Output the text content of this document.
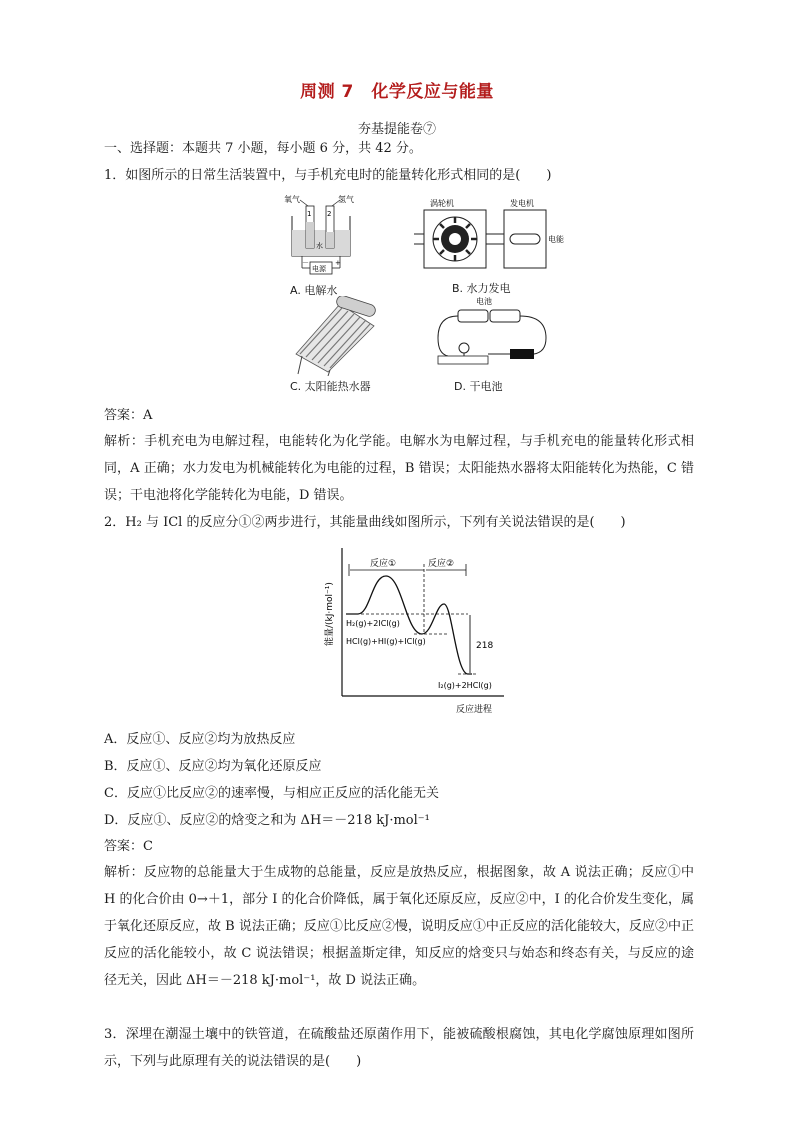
周测 7　化学反应与能量
夯基提能卷⑦
一、选择题：本题共 7 小题，每小题 6 分，共 42 分。
1．如图所示的日常生活装置中，与手机充电时的能量转化形式相同的是(　　)
氧气	氢气
1 2
水
电源
－	+
A. 电解水
涡轮机	发电机
电能
B. 水力发电
C. 太阳能热水器
电池
D. 干电池
答案：A
解析：手机充电为电解过程，电能转化为化学能。电解水为电解过程，与手机充电的能量转化形式相同，A 正确；水力发电为机械能转化为电能的过程，B 错误；太阳能热水器将太阳能转化为热能，C 错误；干电池将化学能转化为电能，D 错误。
2．H₂ 与 ICl 的反应分①②两步进行，其能量曲线如图所示，下列有关说法错误的是(　　)
能量/(kJ·mol⁻¹)
反应①	反应②
218
H₂(g)+2ICl(g)
HCl(g)+HI(g)+ICl(g)
I₂(g)+2HCl(g)
反应进程
A．反应①、反应②均为放热反应
B．反应①、反应②均为氧化还原反应
C．反应①比反应②的速率慢，与相应正反应的活化能无关
D．反应①、反应②的焓变之和为 ΔH＝－218 kJ·mol⁻¹
答案：C
解析：反应物的总能量大于生成物的总能量，反应是放热反应，根据图象，故 A 说法正确；反应①中 H 的化合价由 0→＋1，部分 I 的化合价降低，属于氧化还原反应，反应②中，I 的化合价发生变化，属于氧化还原反应，故 B 说法正确；反应①比反应②慢，说明反应①中正反应的活化能较大，反应②中正反应的活化能较小，故 C 说法错误；根据盖斯定律，知反应的焓变只与始态和终态有关，与反应的途径无关，因此 ΔH＝－218 kJ·mol⁻¹，故 D 说法正确。
3．深埋在潮湿土壤中的铁管道，在硫酸盐还原菌作用下，能被硫酸根腐蚀，其电化学腐蚀原理如图所示，下列与此原理有关的说法错误的是(　　)
